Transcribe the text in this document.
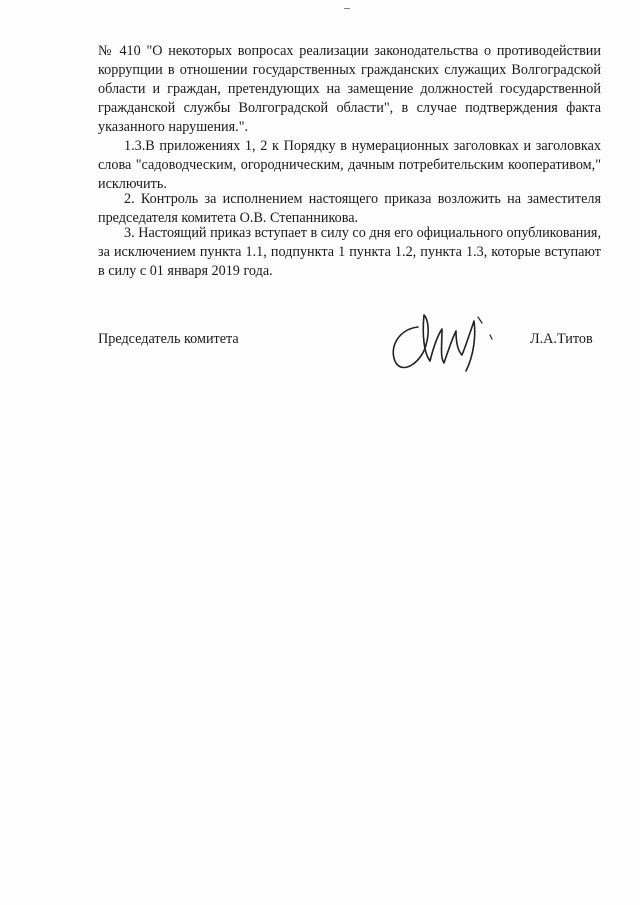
№ 410 "О некоторых вопросах реализации законодательства о противодействии коррупции в отношении государственных гражданских служащих Волгоградской области и граждан, претендующих на замещение должностей государственной гражданской службы Волгоградской области", в случае подтверждения факта указанного нарушения.".
1.3.В приложениях 1, 2 к Порядку в нумерационных заголовках и заголовках слова "садоводческим, огородническим, дачным потребительским кооперативом," исключить.
2. Контроль за исполнением настоящего приказа возложить на заместителя председателя комитета О.В. Степанникова.
3. Настоящий приказ вступает в силу со дня его официального опубликования, за исключением пункта 1.1, подпункта 1 пункта 1.2, пункта 1.3, которые вступают в силу с 01 января 2019 года.
Председатель комитета	Л.А.Титов
